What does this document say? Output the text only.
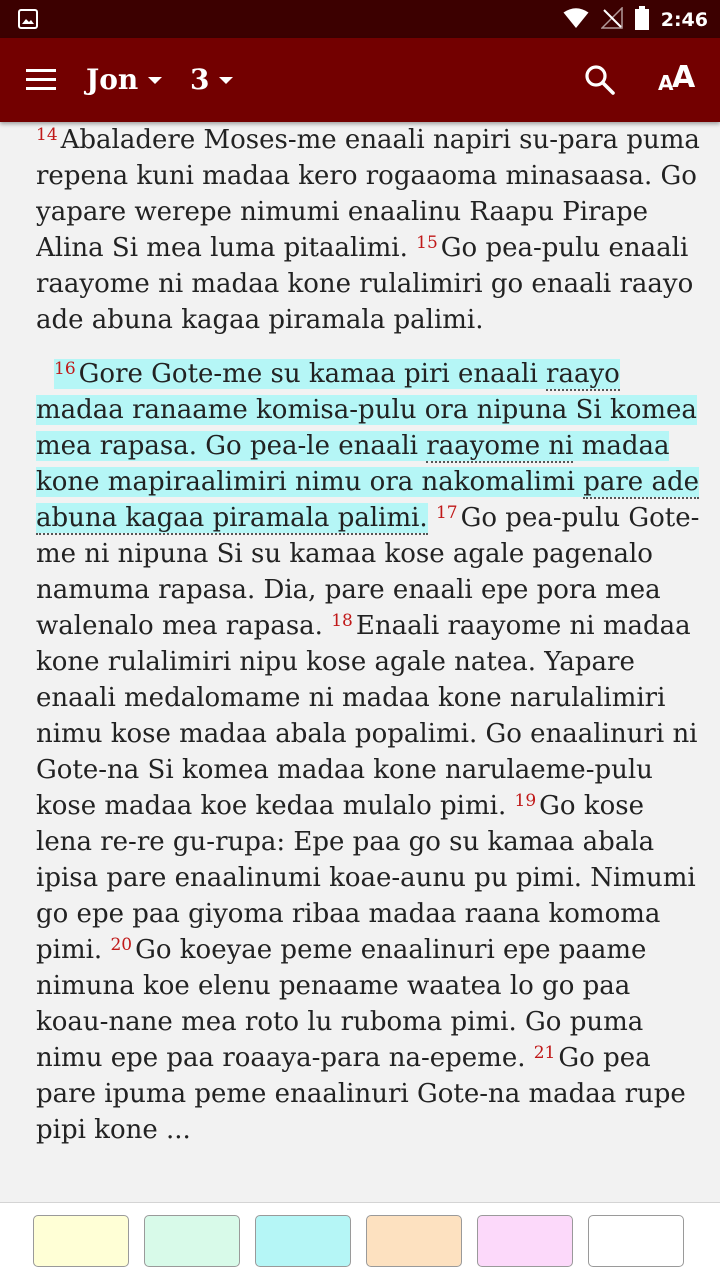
2:46
Jon 3	A
A

$^{14}$ Abaladere Moses-me enaali napiri su-para puma repena kuni madaa kero rogaaoma minasaasa. Go yapare werepe nimumi enaalinu Raapu Pirape Alina Si mea luma pitaalimi. $^{15}$ Go pea-pulu enaali raayome ni madaa kone rulalimiri go enaali raayo ade abuna kagaa piramala palimi.

$^{16}$ Gore Gote-me su kamaa piri enaali raayo madaa ranaame komisa-pulu ora nipuna Si komea mea rapasa. Go pea-le enaali raayome ni madaa kone mapiraalimiri nimu ora nakomalimi pare ade abuna kagaa piramala palimi. $^{17}$ Go pea-pulu Gote-me ni nipuna Si su kamaa kose agale pagenalo namuma rapasa. Dia, pare enaali epe pora mea walenalo mea rapasa. $^{18}$ Enaali raayome ni madaa kone rulalimiri nipu kose agale natea. Yapare enaali medalomame ni madaa kone narulalimiri nimu kose madaa abala popalimi. Go enaalinuri ni Gote-na Si komea madaa kone narulaeme-pulu kose madaa koe kedaa mulalo pimi. $^{19}$ Go kose lena re-re gu-rupa: Epe paa go su kamaa abala ipisa pare enaalinumi koae-aunu pu pimi. Nimumi go epe paa giyoma ribaa madaa raana komoma pimi. $^{20}$ Go koeyae peme enaalinuri epe paame nimuna koe elenu penaame waatea lo go paa koau-nane mea roto lu ruboma pimi. Go puma nimu epe paa roaaya-para na-epeme. $^{21}$ Go pea pare ipuma peme enaalinuri Gote-na madaa rupe pipi kone ...
